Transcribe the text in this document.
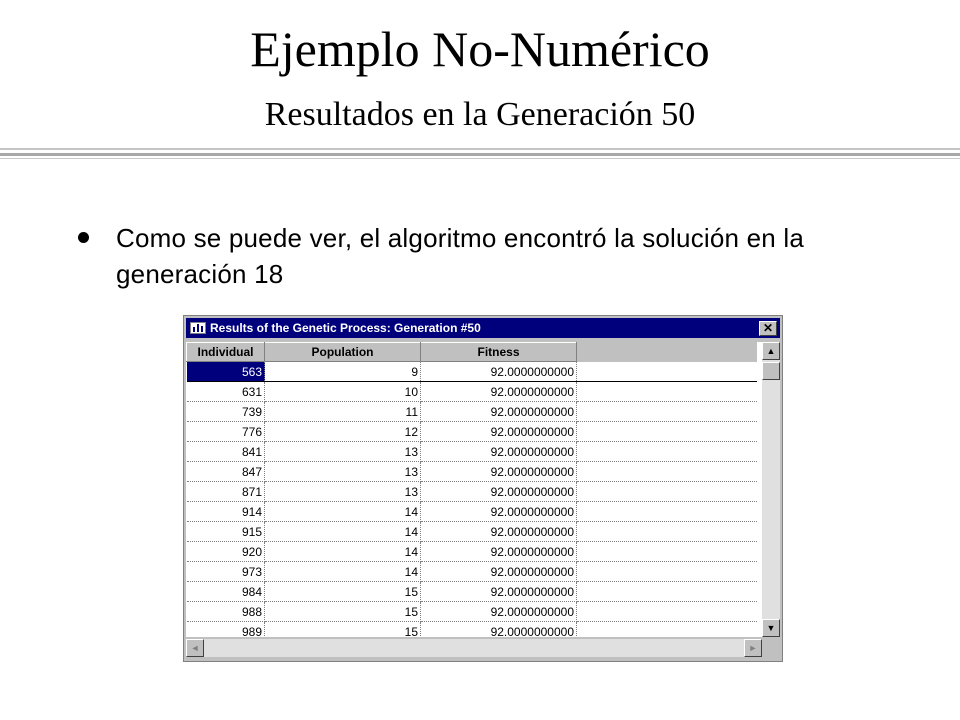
Ejemplo No-Numérico
Resultados en la Generación 50
Como se puede ver, el algoritmo encontró la solución en la generación 18
Results of the Genetic Process: Generation #50	✕
Individual	Population	Fitness	
563	9	92.0000000000	
631	10	92.0000000000	
739	11	92.0000000000	
776	12	92.0000000000	
841	13	92.0000000000	
847	13	92.0000000000	
871	13	92.0000000000	
914	14	92.0000000000	
915	14	92.0000000000	
920	14	92.0000000000	
973	14	92.0000000000	
984	15	92.0000000000	
988	15	92.0000000000	
989	15	92.0000000000	
▲
▼
◄	►
